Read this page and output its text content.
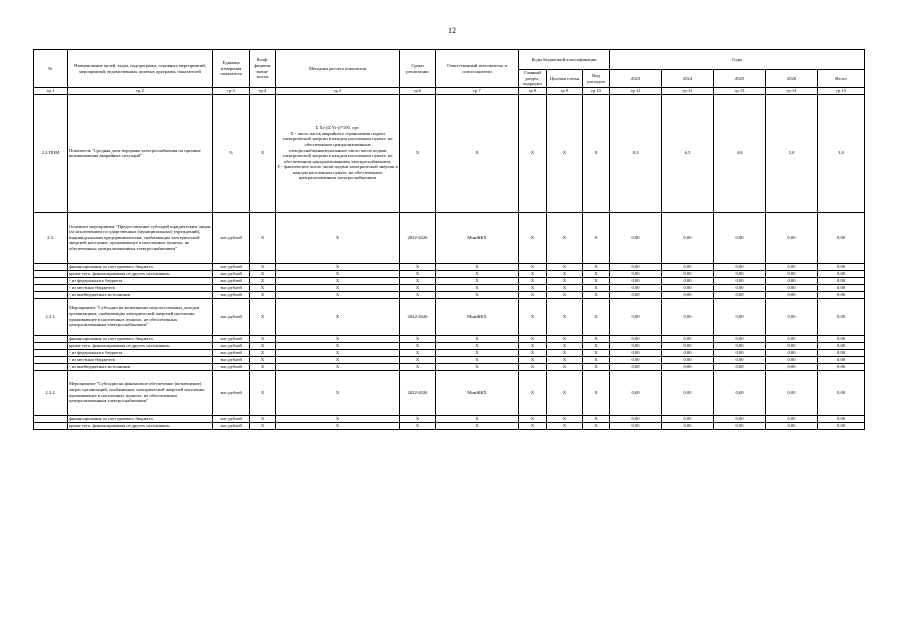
12
№	Наименование целей, задач, подпрограмм, основных мероприятий, мероприятий, ведомственных целевых программ, показателей	Единица измерения показателя	Коэф-
фициент
значи-
мости	Методика расчета показателя	Сроки реализации	Ответственный исполнитель и соисполнители	Коды бюджетной классификации			Годы				
							Главный
раздел,
подраздел	Целевая статья	Вид
расходов	2023	2024	2025	2026	Итого
гр.1	гр.2	гр.3	гр.4	гр.5	гр.6	гр.7	гр.8	гр.9	гр.10	гр.11	гр.12	гр.13	гр.14	гр.15
2.2.ПОМ	Показатель "Средняя доля перерыва электроснабжения по причине возникновения аварийных ситуаций"	%	X	Σ Xi-j/Σ Yi-j)*100, где:
X - число часов аварийного ограничения подачи электрической энергии в каждом населенном пункте, не обеспеченном централизованным электроснабжениемуказанное число часов подачи электрической энергии в каждом населенном пункте, не обеспеченном централизованным электроснабжением;
Y - фактическое число часов подачи электрической энергии в каждом населенном пункте, не обеспеченном централизованным электроснабжением	X	X	X	X	X	8,3	6,5	4,8	3,0	3,0
2.3.	Основное мероприятие "Предоставление субсидий юридическим лицам (за исключением государственных (муниципальных) учреждений), индивидуальным предпринимателям, снабжающим электрической энергией население, проживающее в населенных пунктах, не обеспеченных централизованным электроснабжением"	тыс.рублей	X	X	2022-2026	МинЖКХ	X	X	X	0,00	0,00	0,00	0,00	0,00
	финансирования за счет краевого бюджета	тыс.рублей	X	X	X	X	X	X	X	0,00	0,00	0,00	0,00	0,00
	кроме того, финансирования из других источников:	тыс.рублей	X	X	X	X	X	X	X	0,00	0,00	0,00	0,00	0,00
	- из федерального бюджета	тыс.рублей	X	X	X	X	X	X	X	0,00	0,00	0,00	0,00	0,00
	- из местных бюджетов	тыс.рублей	X	X	X	X	X	X	X	0,00	0,00	0,00	0,00	0,00
	- из внебюджетных источников	тыс.рублей	X	X	X	X	X	X	X	0,00	0,00	0,00	0,00	0,00
2.3.1.	Мероприятие "Субсидии на возмещение недополученных доходов организациям, снабжающим электрической энергией население, проживающее в населенных пунктах, не обеспеченных централизованным электроснабжением"	тыс.рублей	X	X	2022-2026	МинЖКХ	X	X	X	0,00	0,00	0,00	0,00	0,00
	финансирования за счет краевого бюджета	тыс.рублей	X	X	X	X	X	X	X	0,00	0,00	0,00	0,00	0,00
	кроме того, финансирования из других источников:	тыс.рублей	X	X	X	X	X	X	X	0,00	0,00	0,00	0,00	0,00
	- из федерального бюджета	тыс.рублей	X	X	X	X	X	X	X	0,00	0,00	0,00	0,00	0,00
	- из местных бюджетов	тыс.рублей	X	X	X	X	X	X	X	0,00	0,00	0,00	0,00	0,00
	- из внебюджетных источников	тыс.рублей	X	X	X	X	X	X	X	0,00	0,00	0,00	0,00	0,00
2.3.2.	Мероприятие "Субсидии на финансовое обеспечение (возмещение) затрат организаций, снабжающих электрической энергией население, проживающее в населенных пунктах, не обеспеченных централизованным электроснабжением"	тыс.рублей	X	X	2022-2026	МинЖКХ	X	X	X	0,00	0,00	0,00	0,00	0,00
	финансирования за счет краевого бюджета	тыс.рублей	X	X	X	X	X	X	X	0,00	0,00	0,00	0,00	0,00
	кроме того, финансирования из других источников:	тыс.рублей	X	X	X	X	X	X	X	0,00	0,00	0,00	0,00	0,00
